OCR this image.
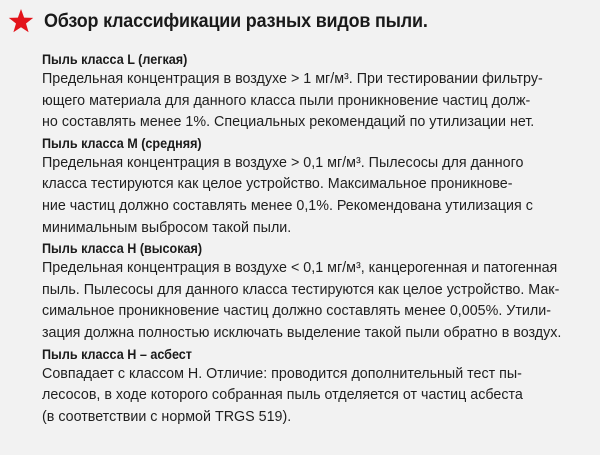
Обзор классификации разных видов пыли.
Пыль класса L (легкая)
Предельная концентрация в воздухе > 1 мг/м³. При тестировании фильтру-
ющего материала для данного класса пыли проникновение частиц долж-
но составлять менее 1%. Специальных рекомендаций по утилизации нет.
Пыль класса M (средняя)
Предельная концентрация в воздухе > 0,1 мг/м³. Пылесосы для данного
класса тестируются как целое устройство. Максимальное проникнове-
ние частиц должно составлять менее 0,1%. Рекомендована утилизация с
минимальным выбросом такой пыли.
Пыль класса H (высокая)
Предельная концентрация в воздухе < 0,1 мг/м³, канцерогенная и патогенная
пыль. Пылесосы для данного класса тестируются как целое устройство. Мак-
симальное проникновение частиц должно составлять менее 0,005%. Утили-
зация должна полностью исключать выделение такой пыли обратно в воздух.
Пыль класса H – асбест
Совпадает с классом H. Отличие: проводится дополнительный тест пы-
лесосов, в ходе которого собранная пыль отделяется от частиц асбеста
(в соответствии с нормой TRGS 519).
